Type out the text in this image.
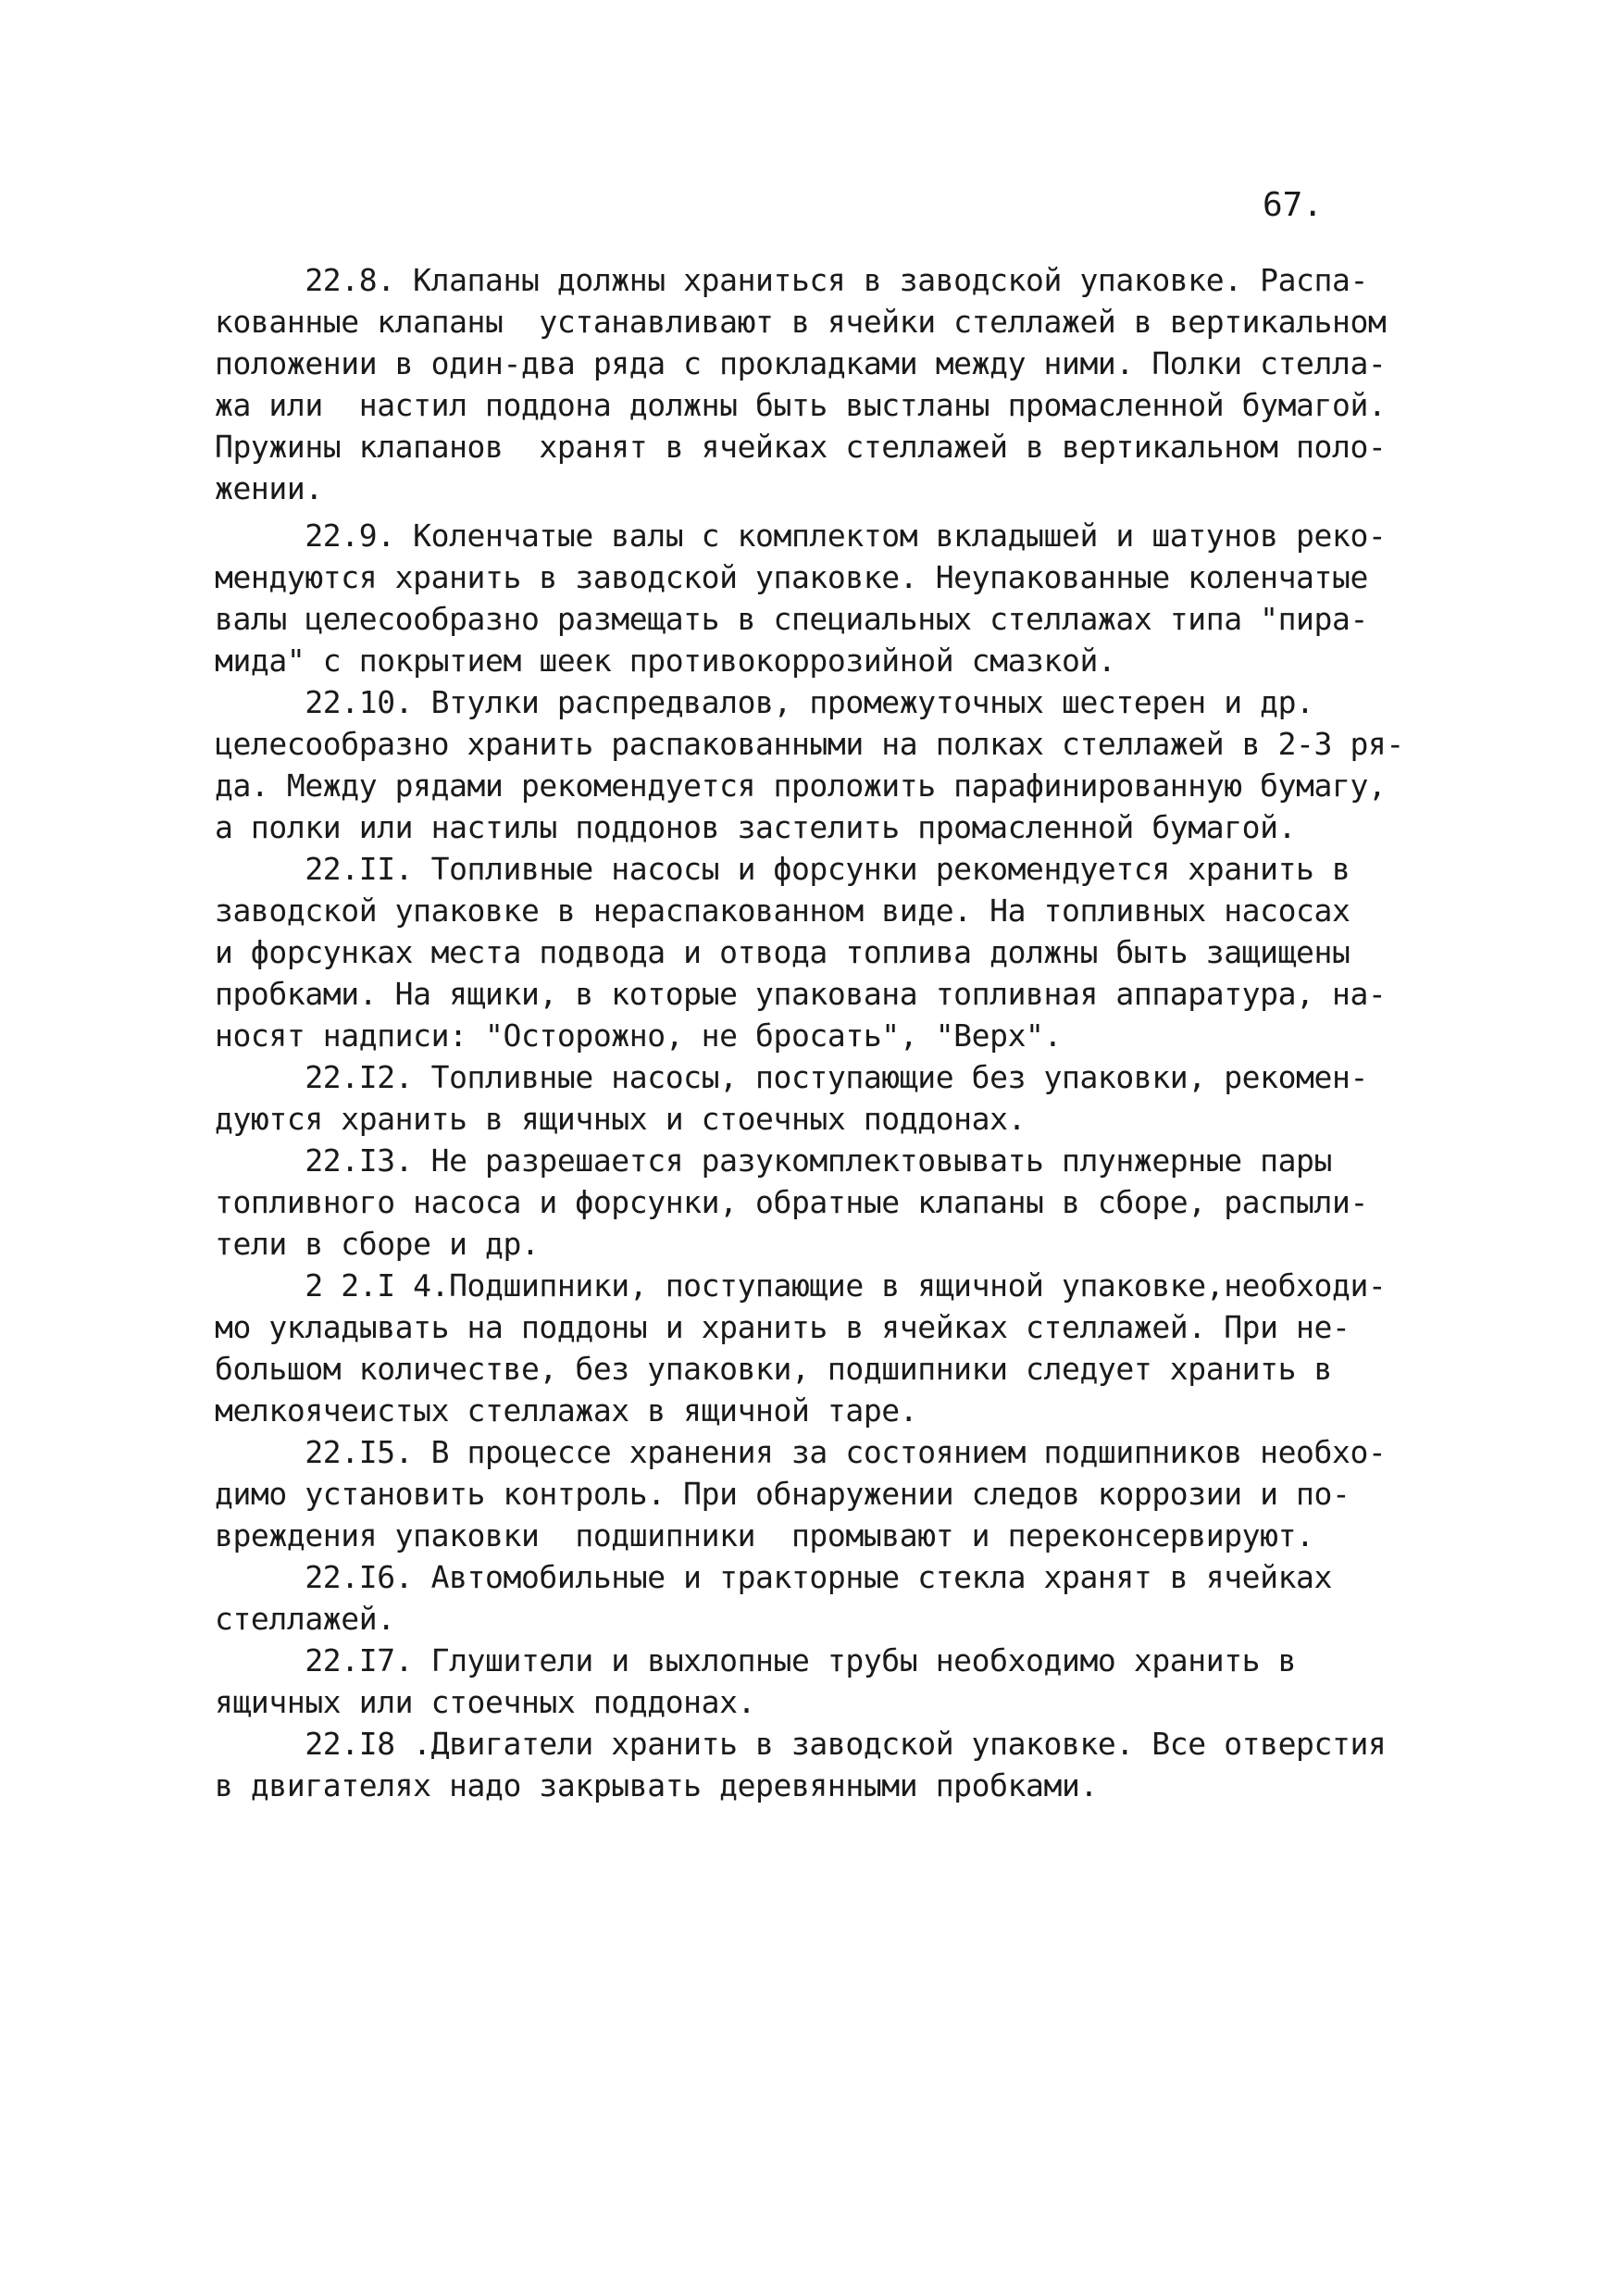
67.
22.8. Клапаны должны храниться в заводской упаковке. Распа-
кованные клапаны  устанавливают в ячейки стеллажей в вертикальном
положении в один-два ряда с прокладками между ними. Полки стелла-
жа или  настил поддона должны быть выстланы промасленной бумагой.
Пружины клапанов  хранят в ячейках стеллажей в вертикальном поло-
жении.
22.9. Коленчатые валы с комплектом вкладышей и шатунов реко-
мендуются хранить в заводской упаковке. Неупакованные коленчатые
валы целесообразно размещать в специальных стеллажах типа "пира-
мида" с покрытием шеек противокоррозийной смазкой.
22.10. Втулки распредвалов, промежуточных шестерен и др.
целесообразно хранить распакованными на полках стеллажей в 2-3 ря-
да. Между рядами рекомендуется проложить парафинированную бумагу,
а полки или настилы поддонов застелить промасленной бумагой.
22.II. Топливные насосы и форсунки рекомендуется хранить в
заводской упаковке в нераспакованном виде. На топливных насосах
и форсунках места подвода и отвода топлива должны быть защищены
пробками. На ящики, в которые упакована топливная аппаратура, на-
носят надписи: "Осторожно, не бросать", "Верх".
22.I2. Топливные насосы, поступающие без упаковки, рекомен-
дуются хранить в ящичных и стоечных поддонах.
22.I3. Не разрешается разукомплектовывать плунжерные пары
топливного насоса и форсунки, обратные клапаны в сборе, распыли-
тели в сборе и др.
2 2.I 4.Подшипники, поступающие в ящичной упаковке,необходи-
мо укладывать на поддоны и хранить в ячейках стеллажей. При не-
большом количестве, без упаковки, подшипники следует хранить в
мелкоячеистых стеллажах в ящичной таре.
22.I5. В процессе хранения за состоянием подшипников необхо-
димо установить контроль. При обнаружении следов коррозии и по-
вреждения упаковки  подшипники  промывают и переконсервируют.
22.I6. Автомобильные и тракторные стекла хранят в ячейках
стеллажей.
22.I7. Глушители и выхлопные трубы необходимо хранить в
ящичных или стоечных поддонах.
22.I8 .Двигатели хранить в заводской упаковке. Все отверстия
в двигателях надо закрывать деревянными пробками.
